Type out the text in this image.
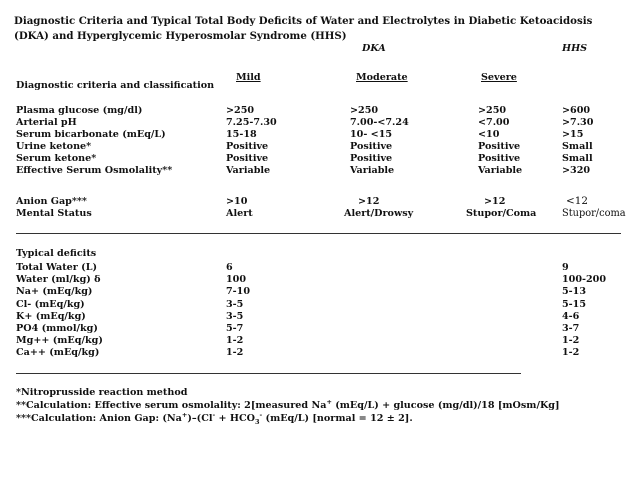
Diagnostic Criteria and Typical Total Body Deficits of Water and Electrolytes in Diabetic Ketoacidosis
(DKA) and Hyperglycemic Hyperosmolar Syndrome (HHS)
DKA	HHS
Diagnostic criteria and classification
Mild	Moderate	Severe
Plasma glucose (mg/dl)	>250	>250	>250	>600
Arterial pH	7.25-7.30	7.00-<7.24	<7.00	>7.30
Serum bicarbonate (mEq/L)	15-18	10- <15	<10	>15
Urine ketone*	Positive	Positive	Positive	Small
Serum ketone*	Positive	Positive	Positive	Small
Effective Serum Osmolality**	Variable	Variable	Variable	>320
Anion Gap***	>10	>12	>12	<12
Mental Status	Alert	Alert/Drowsy	Stupor/Coma	Stupor/coma
Typical deficits
Total Water (L)	6	9
Water (ml/kg) δ	100	100-200
Na+ (mEq/kg)	7-10	5-13
Cl- (mEq/kg)	3-5	5-15
K+ (mEq/kg)	3-5	4-6
PO4 (mmol/kg)	5-7	3-7
Mg++ (mEq/kg)	1-2	1-2
Ca++ (mEq/kg)	1-2	1-2
*Nitroprusside reaction method
**Calculation: Effective serum osmolality: 2[measured Na+ (mEq/L) + glucose (mg/dl)/18 [mOsm/Kg]
***Calculation: Anion Gap: $(Na^+)-(Cl^- + HCO_3^-$ (mEq/L) [normal = 12 ± 2].
